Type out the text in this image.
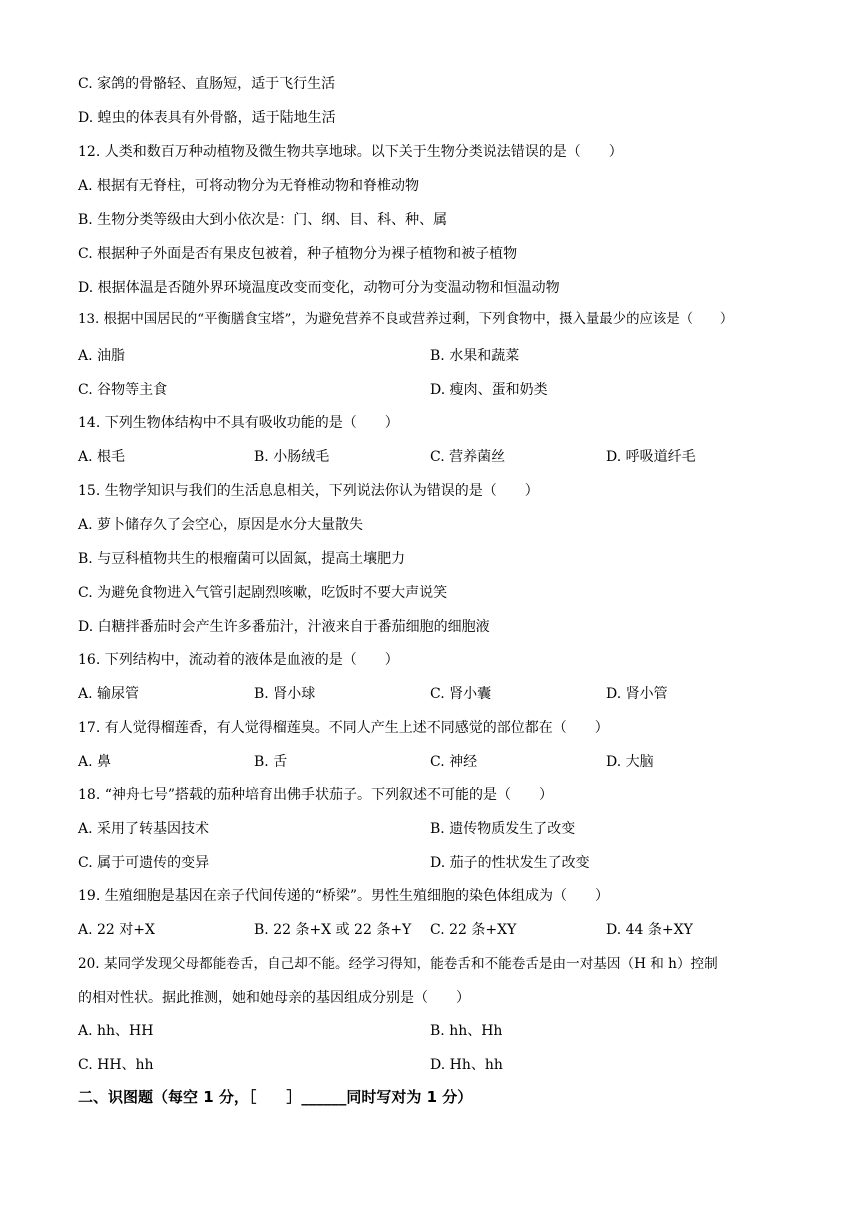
C. 家鸽的骨骼轻、直肠短，适于飞行生活
D. 蝗虫的体表具有外骨骼，适于陆地生活
12. 人类和数百万种动植物及微生物共享地球。以下关于生物分类说法错误的是（　　）
A. 根据有无脊柱，可将动物分为无脊椎动物和脊椎动物
B. 生物分类等级由大到小依次是：门、纲、目、科、种、属
C. 根据种子外面是否有果皮包被着，种子植物分为裸子植物和被子植物
D. 根据体温是否随外界环境温度改变而变化，动物可分为变温动物和恒温动物
13. 根据中国居民的“平衡膳食宝塔”，为避免营养不良或营养过剩，下列食物中，摄入量最少的应该是（　　）
A. 油脂	B. 水果和蔬菜
C. 谷物等主食	D. 瘦肉、蛋和奶类
14. 下列生物体结构中不具有吸收功能的是（　　）
A. 根毛	B. 小肠绒毛	C. 营养菌丝	D. 呼吸道纤毛
15. 生物学知识与我们的生活息息相关，下列说法你认为错误的是（　　）
A. 萝卜储存久了会空心，原因是水分大量散失
B. 与豆科植物共生的根瘤菌可以固氮，提高土壤肥力
C. 为避免食物进入气管引起剧烈咳嗽，吃饭时不要大声说笑
D. 白糖拌番茄时会产生许多番茄汁，汁液来自于番茄细胞的细胞液
16. 下列结构中，流动着的液体是血液的是（　　）
A. 输尿管	B. 肾小球	C. 肾小囊	D. 肾小管
17. 有人觉得榴莲香，有人觉得榴莲臭。不同人产生上述不同感觉的部位都在（　　）
A. 鼻	B. 舌	C. 神经	D. 大脑
18. “神舟七号”搭载的茄种培育出佛手状茄子。下列叙述不可能的是（　　）
A. 采用了转基因技术	B. 遗传物质发生了改变
C. 属于可遗传的变异	D. 茄子的性状发生了改变
19. 生殖细胞是基因在亲子代间传递的“桥梁”。男性生殖细胞的染色体组成为（　　）
A. 22 对+X	B. 22 条+X 或 22 条+Y C. 22 条+XY	D. 44 条+XY
20. 某同学发现父母都能卷舌，自己却不能。经学习得知，能卷舌和不能卷舌是由一对基因（H 和 h）控制
的相对性状。据此推测，她和她母亲的基因组成分别是（　　）
A. hh、HH	B. hh、Hh
C. HH、hh	D. Hh、hh
二、识图题（每空 1 分，［　　］______同时写对为 1 分）
